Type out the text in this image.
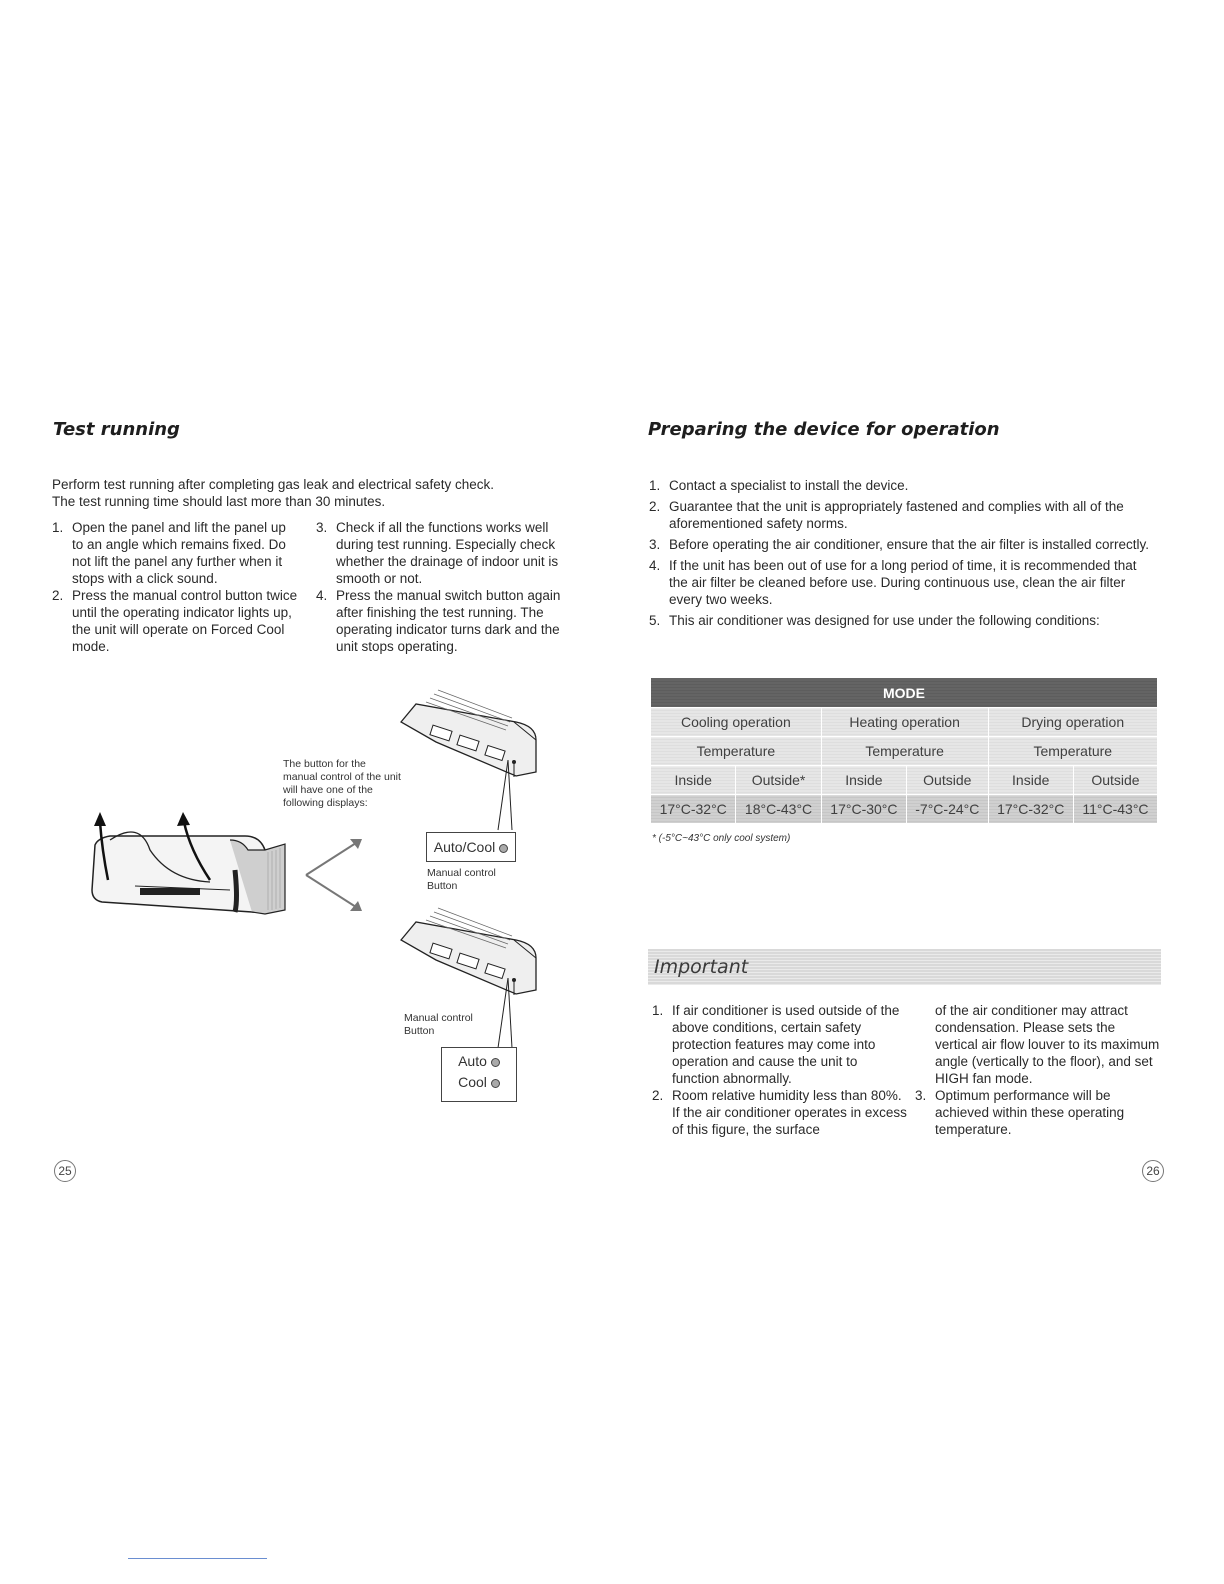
Test running

Perform test running after completing gas leak and electrical safety check.

The test running time should last more than 30 minutes.

1. Open the panel and lift the panel up to an angle which remains fixed. Do not lift the panel any further when it stops with a click sound.
2. Press the manual control button twice until the operating indicator lights up, the unit will operate on Forced Cool mode.
3. Check if all the functions works well during test running. Especially check whether the drainage of indoor unit is smooth or not.
4. Press the manual switch button again after finishing the test running. The operating indicator turns dark and the unit stops operating.
The button for the manual control of the unit will have one of the following displays:
Auto/Cool
Manual control Button
Manual control Button
Auto
Cool
25
Preparing the device for operation
1. Contact a specialist to install the device.
2. Guarantee that the unit is appropriately fastened and complies with all of the aforementioned safety norms.
3. Before operating the air conditioner, ensure that the air filter is installed correctly.
4. If the unit has been out of use for a long period of time, it is recommended that the air filter be cleaned before use. During continuous use, clean the air filter every two weeks.
5. This air conditioner was designed for use under the following conditions:
MODE					
Cooling operation		Heating operation		Drying operation	
Temperature		Temperature		Temperature	
Inside	Outside*	Inside	Outside	Inside	Outside
17°C-32°C	18°C-43°C	17°C-30°C	-7°C-24°C	17°C-32°C	11°C-43°C
* (-5°C~43°C only cool system)
Important
1. If air conditioner is used outside of the above conditions, certain safety protection features may come into operation and cause the unit to function abnormally.
2. Room relative humidity less than 80%. If the air conditioner operates in excess of this figure, the surface
of the air conditioner may attract condensation. Please sets the vertical air flow louver to its maximum angle (vertically to the floor), and set HIGH fan mode.
3. Optimum performance will be achieved within these operating temperature.
26
